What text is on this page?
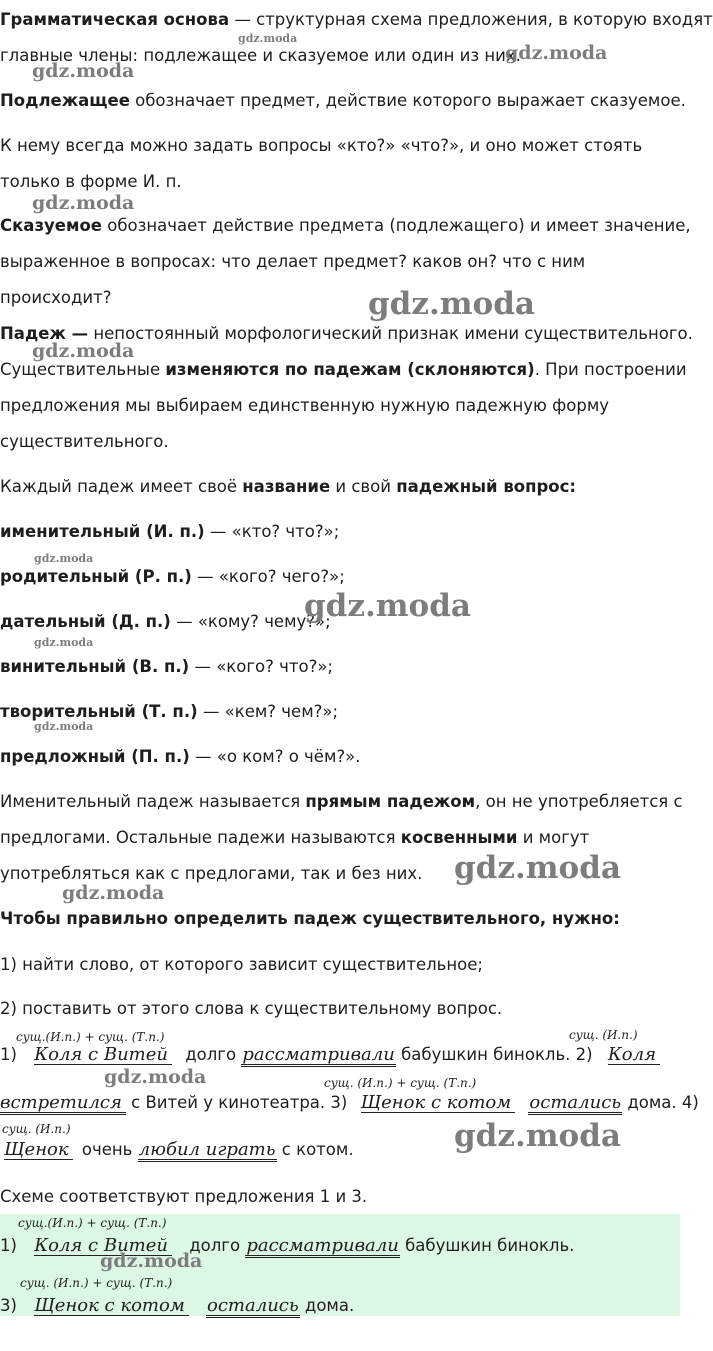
Грамматическая основа — структурная схема предложения, в которую входят
главные члены: подлежащее и сказуемое или один из них.
Подлежащее обозначает предмет, действие которого выражает сказуемое.
К нему всегда можно задать вопросы «кто?» «что?», и оно может стоять
только в форме И. п.
Сказуемое обозначает действие предмета (подлежащего) и имеет значение,
выраженное в вопросах: что делает предмет? каков он? что с ним
происходит?
Падеж — непостоянный морфологический признак имени существительного.
Существительные изменяются по падежам (склоняются). При построении
предложения мы выбираем единственную нужную падежную форму
существительного.
Каждый падеж имеет своё название и свой падежный вопрос:
именительный (И. п.) — «кто? что?»;
родительный (Р. п.) — «кого? чего?»;
дательный (Д. п.) — «кому? чему?»;
винительный (В. п.) — «кого? что?»;
творительный (Т. п.) — «кем? чем?»;
предложный (П. п.) — «о ком? о чём?».
Именительный падеж называется прямым падежом, он не употребляется с
предлогами. Остальные падежи называются косвенными и могут
употребляться как с предлогами, так и без них.
Чтобы правильно определить падеж существительного, нужно:
1) найти слово, от которого зависит существительное;
2) поставить от этого слова к существительному вопрос.
сущ.(И.п.) + сущ. (Т.п.)	сущ. (И.п.)
1) Коля с Витей долго рассматривали бабушкин бинокль. 2) Коля
сущ. (И.п.) + сущ. (Т.п.)
встретился с Витей у кинотеатра. 3) Щенок с котом остались дома. 4)
сущ. (И.п.)
Щенок очень любил играть с котом.
Схеме соответствуют предложения 1 и 3.
сущ.(И.п.) + сущ. (Т.п.)
1) Коля с Витей долго рассматривали бабушкин бинокль.
сущ. (И.п.) + сущ. (Т.п.)
3) Щенок с котом остались дома.
gdz.moda
gdz.moda
gdz.moda
gdz.moda
gdz.moda
gdz.moda
gdz.moda
gdz.moda
gdz.moda
gdz.moda
gdz.moda
gdz.moda
gdz.moda
gdz.moda
gdz.moda
